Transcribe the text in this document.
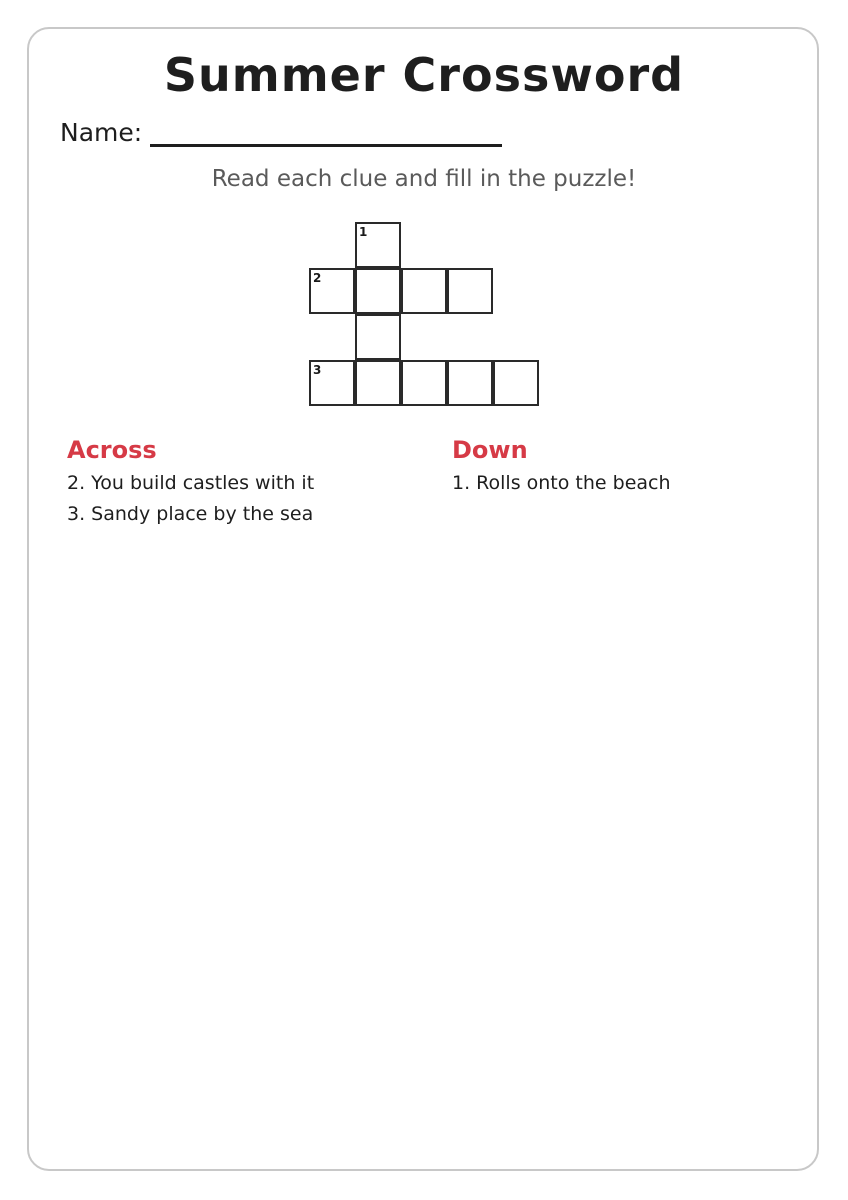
Summer Crossword
Name:
Read each clue and fill in the puzzle!
1
2
3
Across
2. You build castles with it
3. Sandy place by the sea
Down
1. Rolls onto the beach
